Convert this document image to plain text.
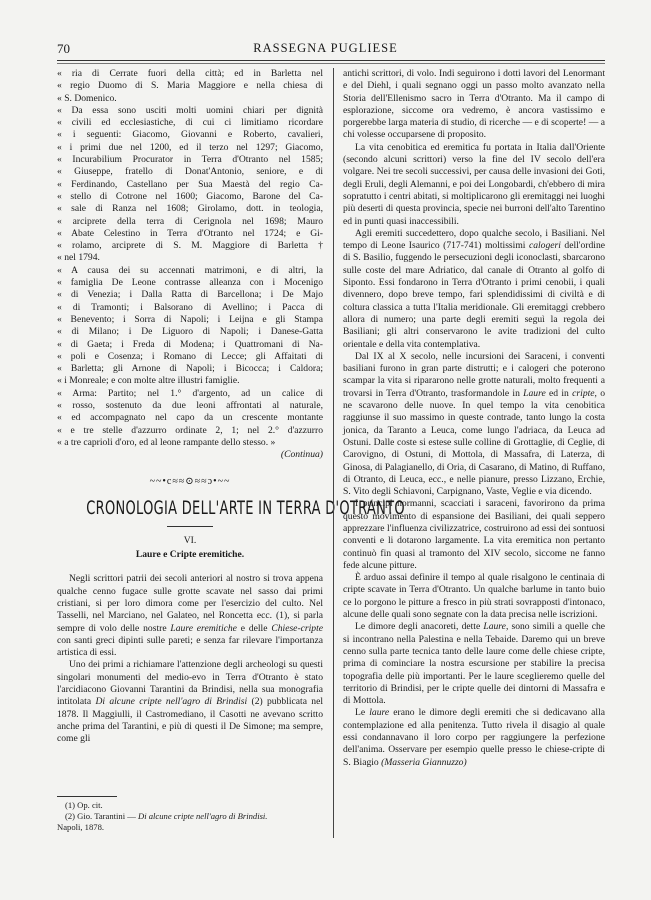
70	RASSEGNA PUGLIESE
« ria di Cerrate fuori della città; ed in Barletta nel
« regio Duomo di S. Maria Maggiore e nella chiesa di
« S. Domenico.
« Da essa sono usciti molti uomini chiari per dignità
« civili ed ecclesiastiche, di cui ci limitiamo ricordare
« i seguenti: Giacomo, Giovanni e Roberto, cavalieri,
« i primi due nel 1200, ed il terzo nel 1297; Giacomo,
« Incurabilium Procurator in Terra d'Otranto nel 1585;
« Giuseppe, fratello di Donat'Antonio, seniore, e di
« Ferdinando, Castellano per Sua Maestà del regio Ca-
« stello di Cotrone nel 1600; Giacomo, Barone del Ca-
« sale di Ranza nel 1608; Girolamo, dott. in teologia,
« arciprete della terra di Cerignola nel 1698; Mauro
« Abate Celestino in Terra d'Otranto nel 1724; e Gi-
« rolamo, arciprete di S. M. Maggiore di Barletta †
« nel 1794.
« A causa dei su accennati matrimoni, e di altri, la
« famiglia De Leone contrasse alleanza con i Mocenigo
« di Venezia; i Dalla Ratta di Barcellona; i De Majo
« di Tramonti; i Balsorano di Avellino; i Pacca di
« Benevento; i Sorra di Napoli; i Leijna e gli Stampa
« di Milano; i De Liguoro di Napoli; i Danese-Gatta
« di Gaeta; i Freda di Modena; i Quattromani di Na-
« poli e Cosenza; i Romano di Lecce; gli Affaitati di
« Barletta; gli Arnone di Napoli; i Bicocca; i Caldora;
« i Monreale; e con molte altre illustri famiglie.
« Arma: Partito; nel 1.° d'argento, ad un calice di
« rosso, sostenuto da due leoni affrontati al naturale,
« ed accompagnato nel capo da un crescente montante
« e tre stelle d'azzurro ordinate 2, 1; nel 2.° d'azzurro
« a tre caprioli d'oro, ed al leone rampante dello stesso. »

(Continua)

~~•c≈≈⊙≈≈ɔ•~~
CRONOLOGIA DELL'ARTE IN TERRA D'OTRANTO
VI.
Laure e Cripte eremitiche.

Negli scrittori patrii dei secoli anteriori al nostro si trova appena qualche cenno fugace sulle grotte scavate nel sasso dai primi cristiani, si per loro dimora come per l'esercizio del culto. Nel Tasselli, nel Marciano, nel Galateo, nel Roncetta ecc. (1), si parla sempre di volo delle nostre Laure eremitiche e delle Chiese-cripte con santi greci dipinti sulle pareti; e senza far rilevare l'importanza artistica di essi.

Uno dei primi a richiamare l'attenzione degli archeologi su questi singolari monumenti del medio-evo in Terra d'Otranto è stato l'arcidiacono Giovanni Tarantini da Brindisi, nella sua monografia intitolata Di alcune cripte nell'agro di Brindisi (2) pubblicata nel 1878. Il Maggiulli, il Castromediano, il Casotti ne avevano scritto anche prima del Tarantini, e più di questi il De Simone; ma sempre, come gli

(1) Op. cit.

(2) Gio. Tarantini — Di alcune cripte nell'agro di Brindisi.

Napoli, 1878.

antichi scrittori, di volo. Indi seguirono i dotti lavori del Lenormant e del Diehl, i quali segnano oggi un passo molto avanzato nella Storia dell'Ellenismo sacro in Terra d'Otranto. Ma il campo di esplorazione, siccome ora vedremo, è ancora vastissimo e porgerebbe larga materia di studio, di ricerche — e di scoperte! — a chi volesse occuparsene di proposito.

La vita cenobitica ed eremitica fu portata in Italia dall'Oriente (secondo alcuni scrittori) verso la fine del IV secolo dell'era volgare. Nei tre secoli successivi, per causa delle invasioni dei Goti, degli Eruli, degli Alemanni, e poi dei Longobardi, ch'ebbero di mira sopratutto i centri abitati, si moltiplicarono gli eremitaggi nei luoghi più deserti di questa provincia, specie nei burroni dell'alto Tarentino ed in punti quasi inaccessibili.

Agli eremiti succedettero, dopo qualche secolo, i Basiliani. Nel tempo di Leone Isaurico (717-741) moltissimi calogeri dell'ordine di S. Basilio, fuggendo le persecuzioni degli iconoclasti, sbarcarono sulle coste del mare Adriatico, dal canale di Otranto al golfo di Siponto. Essi fondarono in Terra d'Otranto i primi cenobii, i quali divennero, dopo breve tempo, fari splendidissimi di civiltà e di coltura classica a tutta l'Italia meridionale. Gli eremitaggi crebbero allora di numero; una parte degli eremiti seguì la regola dei Basiliani; gli altri conservarono le avite tradizioni del culto orientale e della vita contemplativa.

Dal IX al X secolo, nelle incursioni dei Saraceni, i conventi basiliani furono in gran parte distrutti; e i calogeri che poterono scampar la vita si ripararono nelle grotte naturali, molto frequenti a trovarsi in Terra d'Otranto, trasformandole in Laure ed in cripte, o ne scavarono delle nuove. In quel tempo la vita cenobitica raggiunse il suo massimo in queste contrade, tanto lungo la costa jonica, da Taranto a Leuca, come lungo l'adriaca, da Leuca ad Ostuni. Dalle coste si estese sulle colline di Grottaglie, di Ceglie, di Carovigno, di Ostuni, di Mottola, di Massafra, di Laterza, di Ginosa, di Palagianello, di Oria, di Casarano, di Matino, di Ruffano, di Otranto, di Leuca, ecc., e nelle pianure, presso Lizzano, Erchie, S. Vito degli Schiavoni, Carpignano, Vaste, Veglie e via dicendo.

I principi normanni, scacciati i saraceni, favorirono da prima questo movimento di espansione dei Basiliani, dei quali seppero apprezzare l'influenza civilizzatrice, costruirono ad essi dei sontuosi conventi e li dotarono largamente. La vita eremitica non pertanto continuò fin quasi al tramonto del XIV secolo, siccome ne fanno fede alcune pitture.

È arduo assai definire il tempo al quale risalgono le centinaia di cripte scavate in Terra d'Otranto. Un qualche barlume in tanto buio ce lo porgono le pitture a fresco in più strati sovrapposti d'intonaco, alcune delle quali sono segnate con la data precisa nelle iscrizioni.

Le dimore degli anacoreti, dette Laure, sono simili a quelle che si incontrano nella Palestina e nella Tebaide. Daremo qui un breve cenno sulla parte tecnica tanto delle laure come delle chiese cripte, prima di cominciare la nostra escursione per stabilire la precisa topografia delle più importanti. Per le laure sceglieremo quelle del territorio di Brindisi, per le cripte quelle dei dintorni di Massafra e di Mottola.

Le laure erano le dimore degli eremiti che si dedicavano alla contemplazione ed alla penitenza. Tutto rivela il disagio al quale essi condannavano il loro corpo per raggiungere la perfezione dell'anima. Osservare per esempio quelle presso le chiese-cripte di S. Biagio (Masseria Giannuzzo)
